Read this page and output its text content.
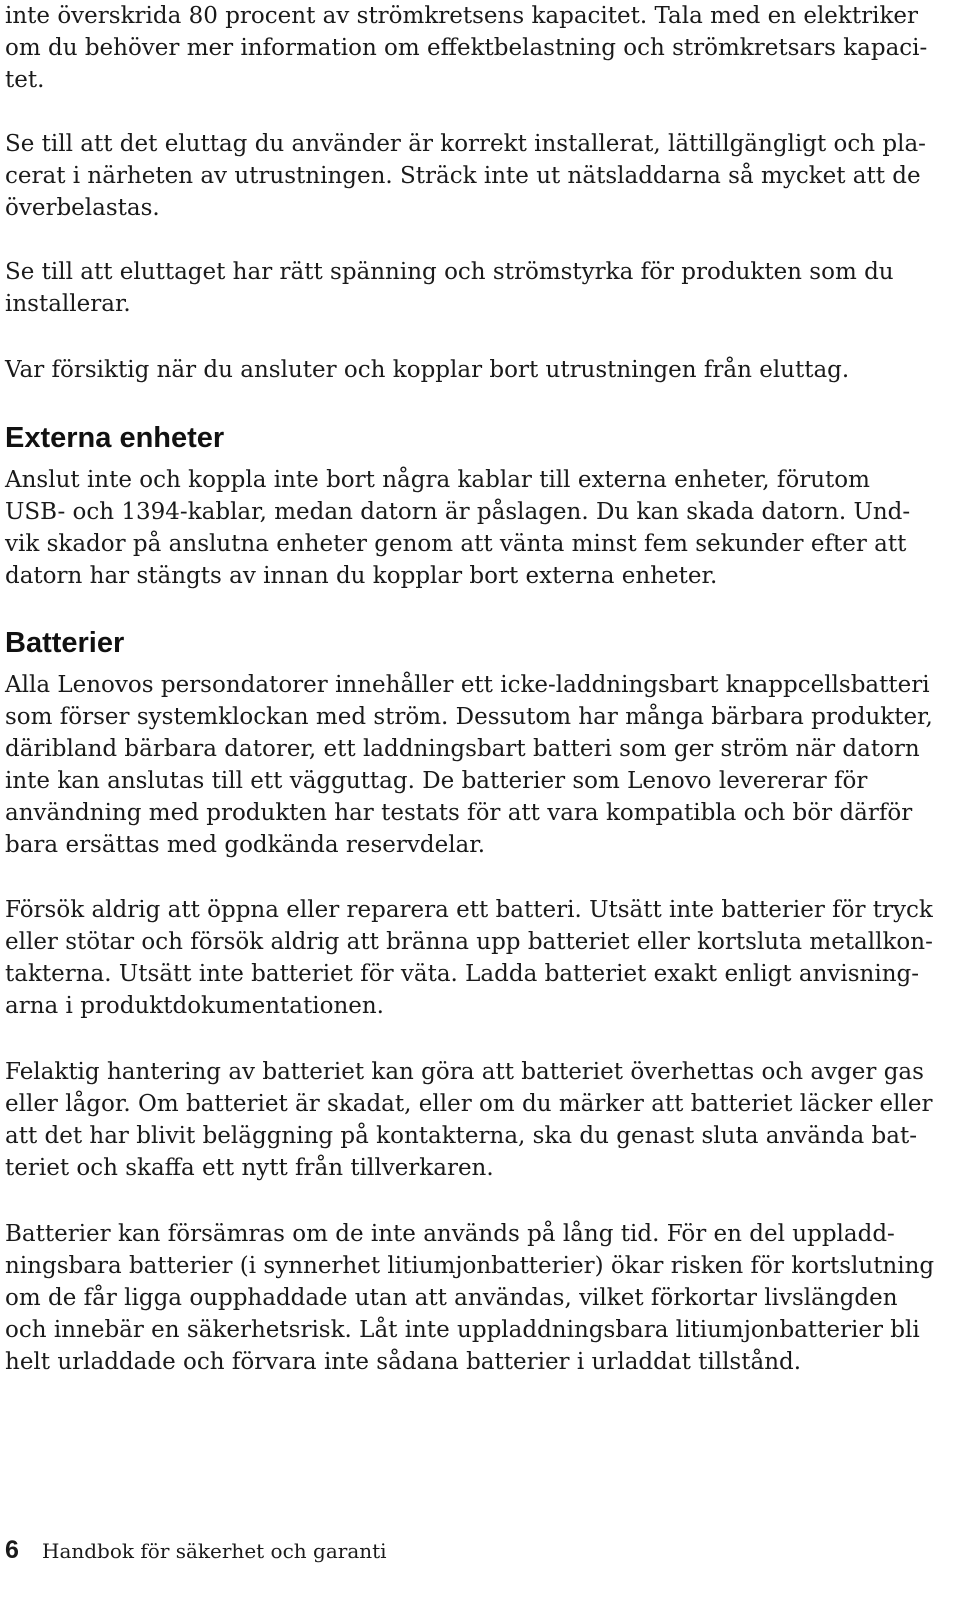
inte överskrida 80 procent av strömkretsens kapacitet. Tala med en elektriker

om du behöver mer information om effektbelastning och strömkretsars kapaci-

tet.

Se till att det eluttag du använder är korrekt installerat, lättillgängligt och pla-

cerat i närheten av utrustningen. Sträck inte ut nätsladdarna så mycket att de

överbelastas.

Se till att eluttaget har rätt spänning och strömstyrka för produkten som du

installerar.

Var försiktig när du ansluter och kopplar bort utrustningen från eluttag.

Externa enheter

Anslut inte och koppla inte bort några kablar till externa enheter, förutom

USB- och 1394-kablar, medan datorn är påslagen. Du kan skada datorn. Und-

vik skador på anslutna enheter genom att vänta minst fem sekunder efter att

datorn har stängts av innan du kopplar bort externa enheter.

Batterier

Alla Lenovos persondatorer innehåller ett icke-laddningsbart knappcellsbatteri

som förser systemklockan med ström. Dessutom har många bärbara produkter,

däribland bärbara datorer, ett laddningsbart batteri som ger ström när datorn

inte kan anslutas till ett vägguttag. De batterier som Lenovo levererar för

användning med produkten har testats för att vara kompatibla och bör därför

bara ersättas med godkända reservdelar.

Försök aldrig att öppna eller reparera ett batteri. Utsätt inte batterier för tryck

eller stötar och försök aldrig att bränna upp batteriet eller kortsluta metallkon-

takterna. Utsätt inte batteriet för väta. Ladda batteriet exakt enligt anvisning-

arna i produktdokumentationen.

Felaktig hantering av batteriet kan göra att batteriet överhettas och avger gas

eller lågor. Om batteriet är skadat, eller om du märker att batteriet läcker eller

att det har blivit beläggning på kontakterna, ska du genast sluta använda bat-

teriet och skaffa ett nytt från tillverkaren.

Batterier kan försämras om de inte används på lång tid. För en del uppladd-

ningsbara batterier (i synnerhet litiumjonbatterier) ökar risken för kortslutning

om de får ligga oupphaddade utan att användas, vilket förkortar livslängden

och innebär en säkerhetsrisk. Låt inte uppladdningsbara litiumjonbatterier bli

helt urladdade och förvara inte sådana batterier i urladdat tillstånd.

6 Handbok för säkerhet och garanti
